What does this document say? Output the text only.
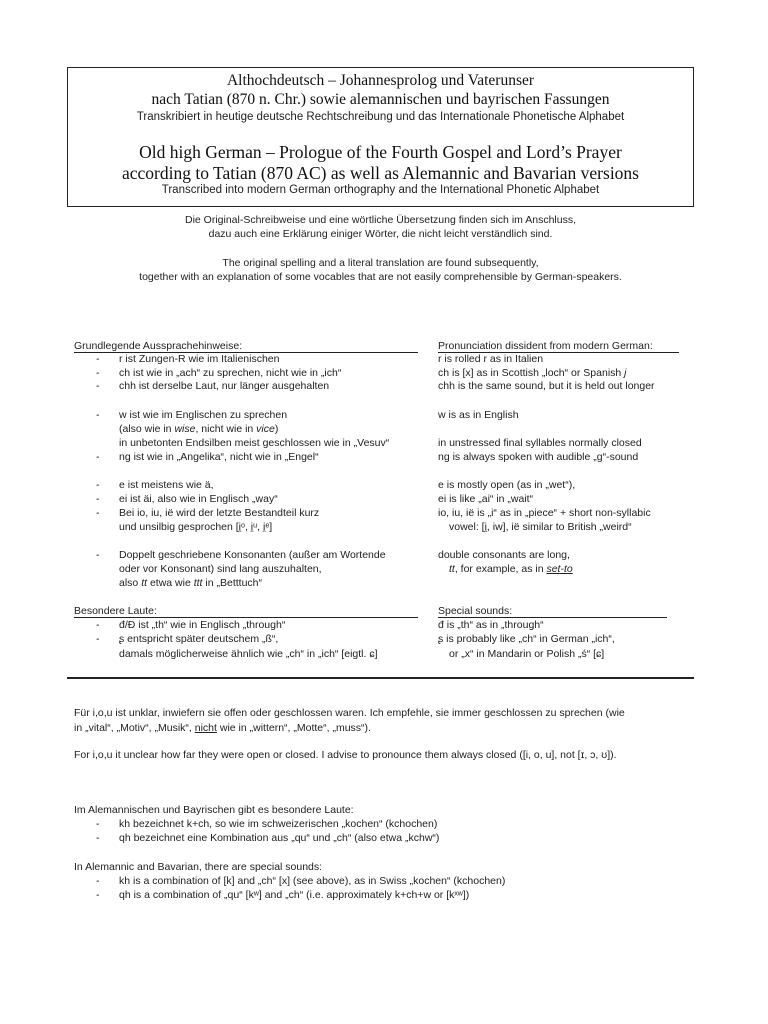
Althochdeutsch – Johannesprolog und Vaterunser
nach Tatian (870 n. Chr.) sowie alemannischen und bayrischen Fassungen
Transkribiert in heutige deutsche Rechtschreibung und das Internationale Phonetische Alphabet
Old high German – Prologue of the Fourth Gospel and Lord’s Prayer
according to Tatian (870 AC) as well as Alemannic and Bavarian versions
Transcribed into modern German orthography and the International Phonetic Alphabet
Die Original-Schreibweise und eine wörtliche Übersetzung finden sich im Anschluss,
dazu auch eine Erklärung einiger Wörter, die nicht leicht verständlich sind.
The original spelling and a literal translation are found subsequently,
together with an explanation of some vocables that are not easily comprehensible by German-speakers.
Grundlegende Aussprachehinweise:	Pronunciation dissident from modern German:
- r ist Zungen-R wie im Italienischen
- ch ist wie in „ach“ zu sprechen, nicht wie in „ich“
- chh ist derselbe Laut, nur länger ausgehalten
- w ist wie im Englischen zu sprechen
(also wie in wise, nicht wie in vice)
in unbetonten Endsilben meist geschlossen wie in „Vesuv“
- ng ist wie in „Angelika“, nicht wie in „Engel“
- e ist meistens wie ä,
- ei ist äi, also wie in Englisch „way“
- Bei io, iu, ië wird der letzte Bestandteil kurz
und unsilbig gesprochen [i̯ᵒ, i̯ᵘ, i̯ᵉ]
- Doppelt geschriebene Konsonanten (außer am Wortende
oder vor Konsonant) sind lang auszuhalten,
also tt etwa wie ttt in „Betttuch“
r is rolled r as in Italien
ch is [x] as in Scottish „loch“ or Spanish j
chh is the same sound, but it is held out longer
w is as in English
in unstressed final syllables normally closed
ng is always spoken with audible „g“-sound
e is mostly open (as in „wet“),
ei is like „ai“ in „wait“
io, iu, ië is „i“ as in „piece“ + short non-syllabic
vowel: [i̯, iw], ië similar to British „weird“
double consonants are long,
tt, for example, as in set-to
Besondere Laute:	Special sounds:
- đ/Đ ist „th“ wie in Englisch „through“
- ʂ entspricht später deutschem „ß“,
damals möglicherweise ähnlich wie „ch“ in „ich“ [eigtl. ɕ]
đ is „th“ as in „through“
ʂ is probably like „ch“ in German „ich“,
or „x“ in Mandarin or Polish „ś“ [ɕ]
Für i,o,u ist unklar, inwiefern sie offen oder geschlossen waren. Ich empfehle, sie immer geschlossen zu sprechen (wie
in „vital“, „Motiv“, „Musik“, nicht wie in „wittern“, „Motte“, „muss“).
For i,o,u it unclear how far they were open or closed. I advise to pronounce them always closed ([i, o, u], not [ɪ, ɔ, ʊ]).
Im Alemannischen und Bayrischen gibt es besondere Laute:
- kh bezeichnet k+ch, so wie im schweizerischen „kochen“ (kchochen)
- qh bezeichnet eine Kombination aus „qu“ und „ch“ (also etwa „kchw“)
In Alemannic and Bavarian, there are special sounds:
- kh is a combination of [k] and „ch“ [x] (see above), as in Swiss „kochen“ (kchochen)
- qh is a combination of „qu“ [kʷ] and „ch“ (i.e. approximately k+ch+w or [kˣʷ])
